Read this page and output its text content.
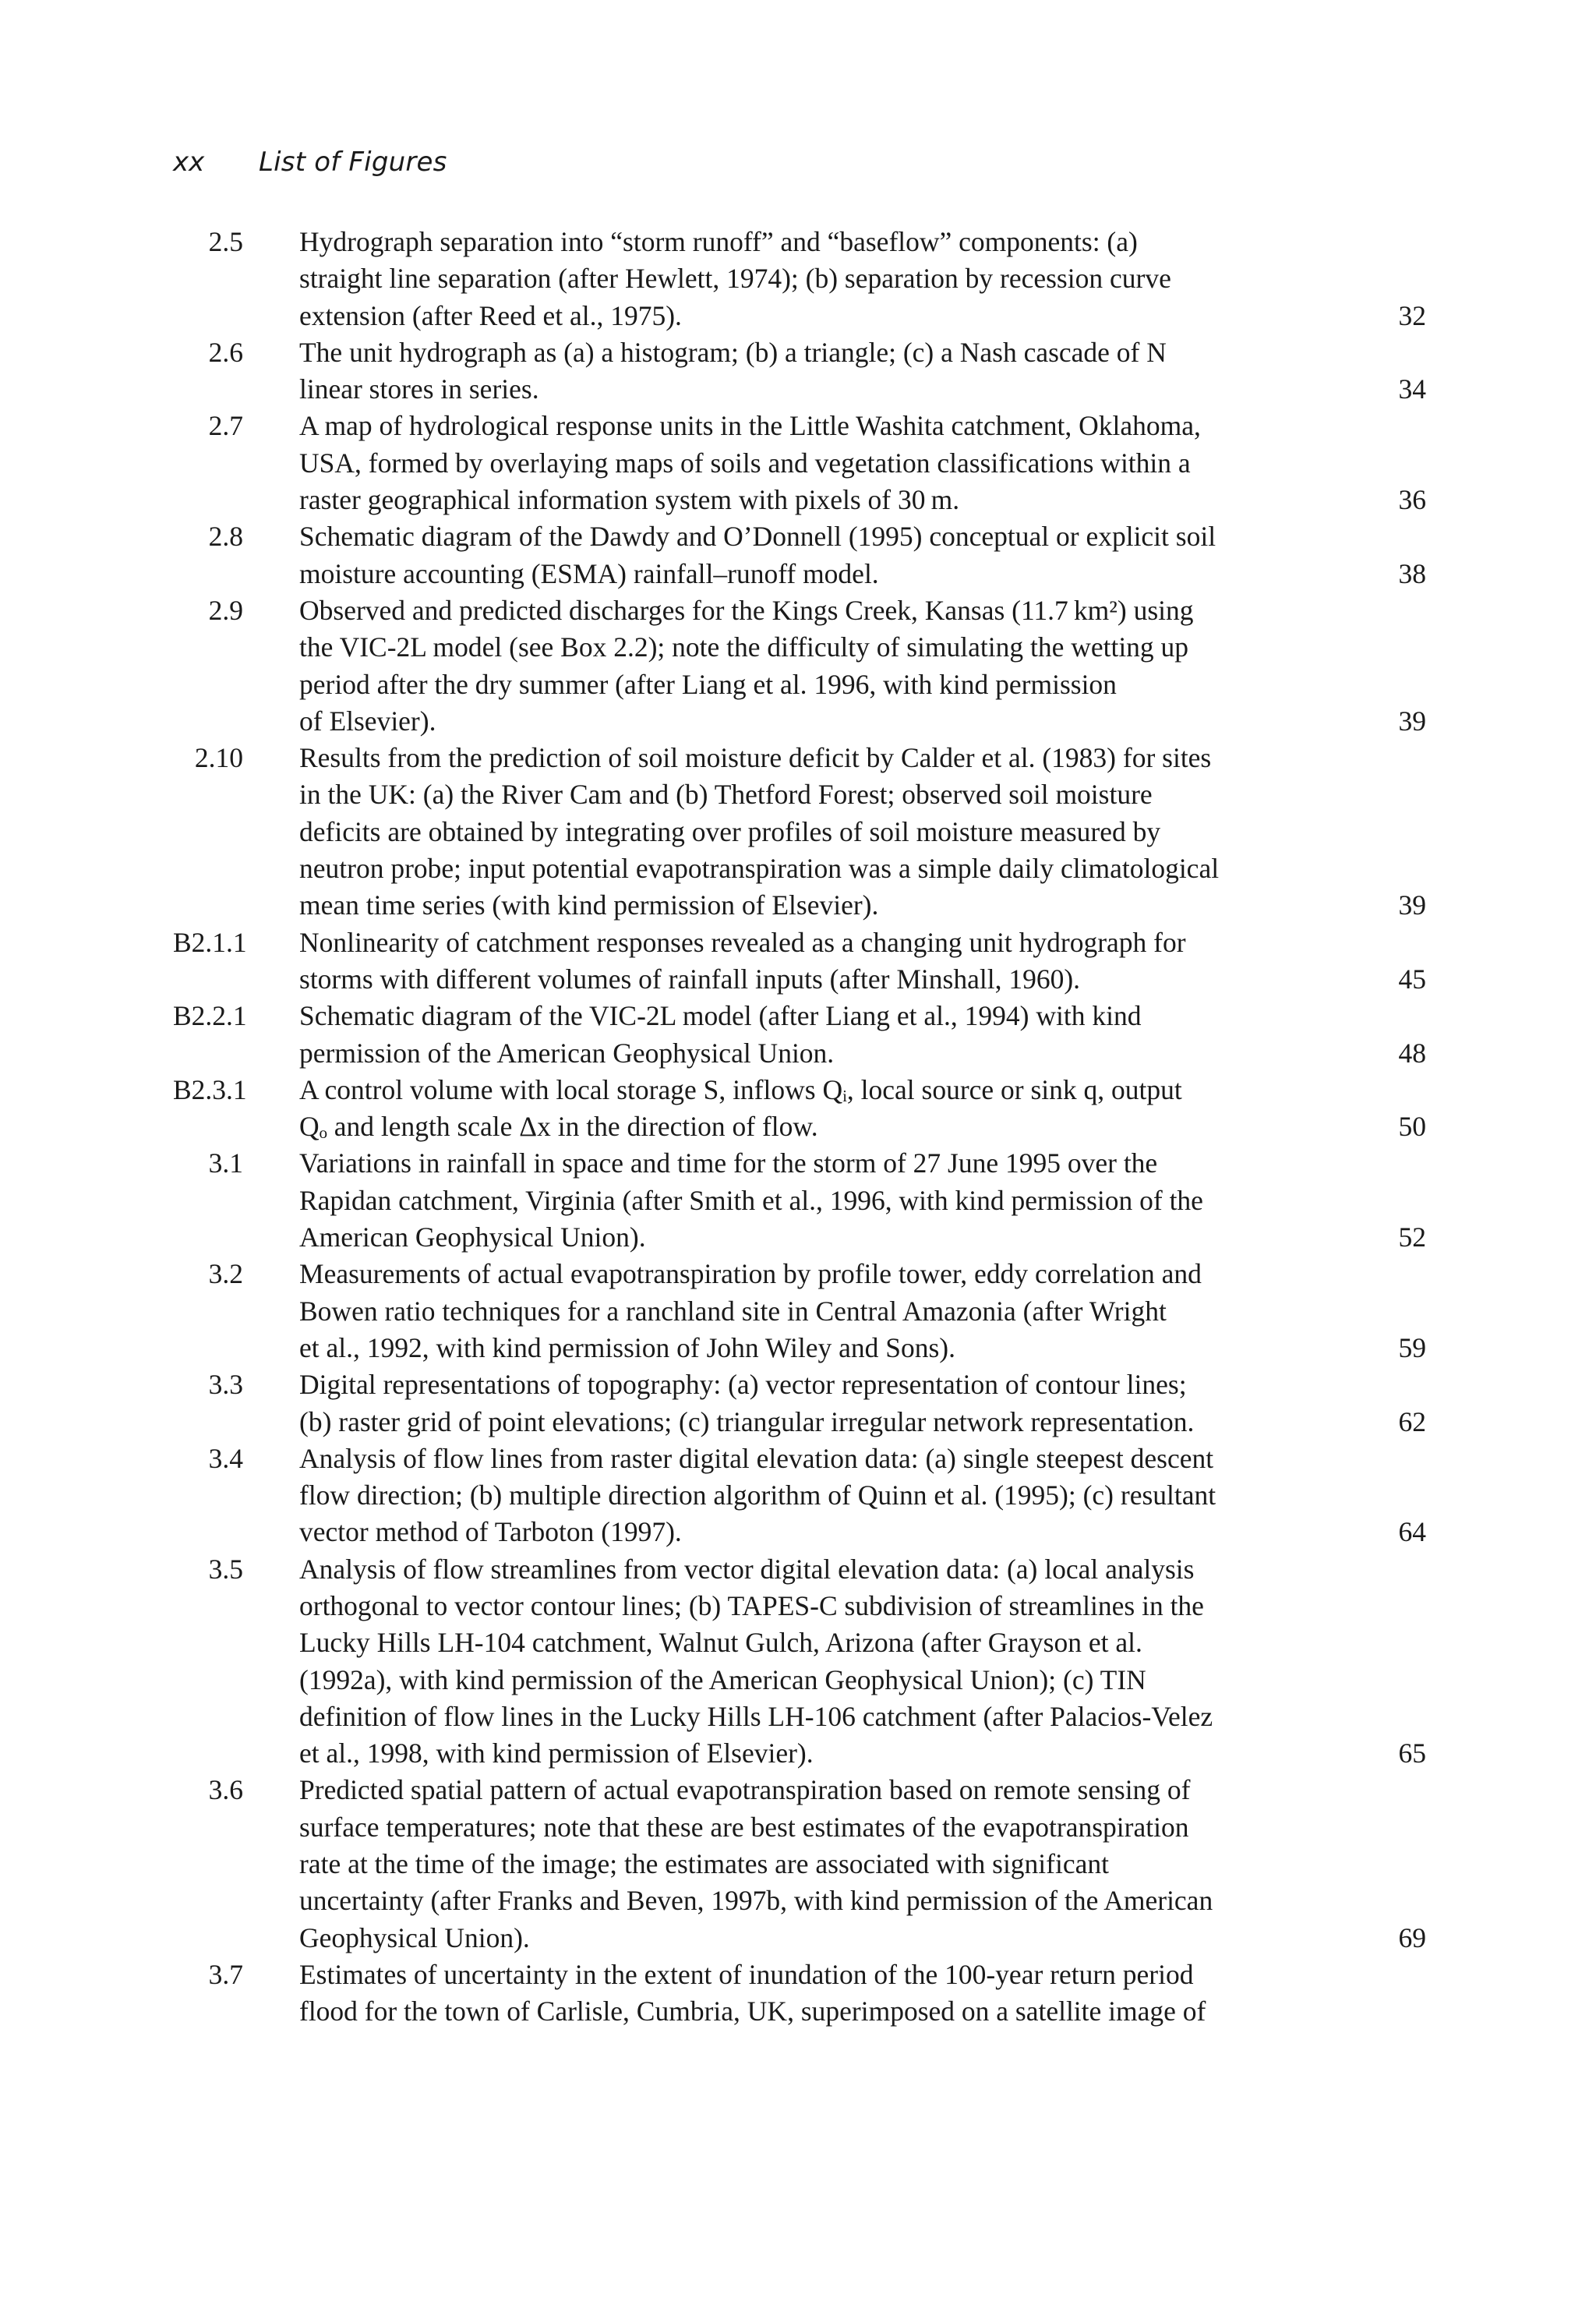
xx	List of Figures
2.5	Hydrograph separation into “storm runoff” and “baseflow” components: (a)
straight line separation (after Hewlett, 1974); (b) separation by recession curve
extension (after Reed et al., 1975).	32
2.6	The unit hydrograph as (a) a histogram; (b) a triangle; (c) a Nash cascade of N
linear stores in series.	34
2.7	A map of hydrological response units in the Little Washita catchment, Oklahoma,
USA, formed by overlaying maps of soils and vegetation classifications within a
raster geographical information system with pixels of 30 m.	36
2.8	Schematic diagram of the Dawdy and O’Donnell (1995) conceptual or explicit soil
moisture accounting (ESMA) rainfall–runoff model.	38
2.9	Observed and predicted discharges for the Kings Creek, Kansas (11.7 km²) using
the VIC-2L model (see Box 2.2); note the difficulty of simulating the wetting up
period after the dry summer (after Liang et al. 1996, with kind permission
of Elsevier).	39
2.10	Results from the prediction of soil moisture deficit by Calder et al. (1983) for sites
in the UK: (a) the River Cam and (b) Thetford Forest; observed soil moisture
deficits are obtained by integrating over profiles of soil moisture measured by
neutron probe; input potential evapotranspiration was a simple daily climatological
mean time series (with kind permission of Elsevier).	39
B2.1.1	Nonlinearity of catchment responses revealed as a changing unit hydrograph for
storms with different volumes of rainfall inputs (after Minshall, 1960).	45
B2.2.1	Schematic diagram of the VIC-2L model (after Liang et al., 1994) with kind
permission of the American Geophysical Union.	48
B2.3.1	A control volume with local storage S, inflows Qᵢ, local source or sink q, output
Qₒ and length scale Δx in the direction of flow.	50
3.1	Variations in rainfall in space and time for the storm of 27 June 1995 over the
Rapidan catchment, Virginia (after Smith et al., 1996, with kind permission of the
American Geophysical Union).	52
3.2	Measurements of actual evapotranspiration by profile tower, eddy correlation and
Bowen ratio techniques for a ranchland site in Central Amazonia (after Wright
et al., 1992, with kind permission of John Wiley and Sons).	59
3.3	Digital representations of topography: (a) vector representation of contour lines;
(b) raster grid of point elevations; (c) triangular irregular network representation.	62
3.4	Analysis of flow lines from raster digital elevation data: (a) single steepest descent
flow direction; (b) multiple direction algorithm of Quinn et al. (1995); (c) resultant
vector method of Tarboton (1997).	64
3.5	Analysis of flow streamlines from vector digital elevation data: (a) local analysis
orthogonal to vector contour lines; (b) TAPES-C subdivision of streamlines in the
Lucky Hills LH-104 catchment, Walnut Gulch, Arizona (after Grayson et al.
(1992a), with kind permission of the American Geophysical Union); (c) TIN
definition of flow lines in the Lucky Hills LH-106 catchment (after Palacios-Velez
et al., 1998, with kind permission of Elsevier).	65
3.6	Predicted spatial pattern of actual evapotranspiration based on remote sensing of
surface temperatures; note that these are best estimates of the evapotranspiration
rate at the time of the image; the estimates are associated with significant
uncertainty (after Franks and Beven, 1997b, with kind permission of the American
Geophysical Union).	69
3.7	Estimates of uncertainty in the extent of inundation of the 100-year return period
flood for the town of Carlisle, Cumbria, UK, superimposed on a satellite image of
